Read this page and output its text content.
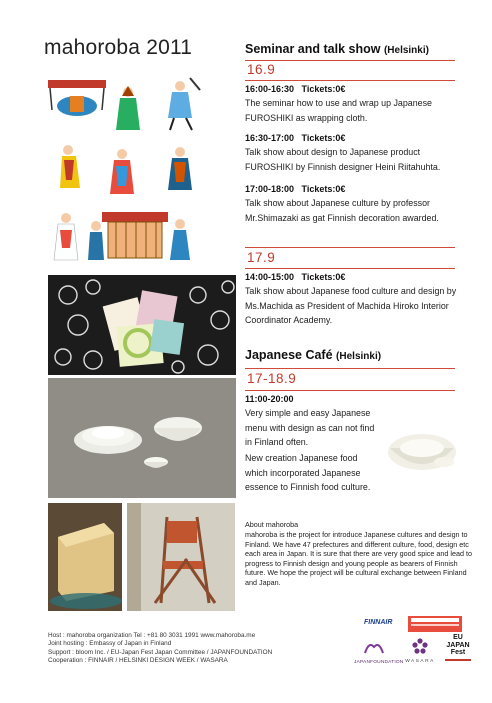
mahoroba 2011	Seminar and talk show (Helsinki)
16.9
16:00-16:30   Tickets:0€
The seminar how to use and wrap up Japanese FUROSHIKI as wrapping cloth.
16:30-17:00   Tickets:0€
Talk show about design to Japanese product FUROSHIKI by Finnish designer Heini Riitahuhta.
17:00-18:00   Tickets:0€
Talk show about Japanese culture by professor Mr.Shimazaki as gat Finnish decoration awarded.
17.9
14:00-15:00   Tickets:0€
Talk show about Japanese food culture and design by Ms.Machida as President of Machida Hiroko Interior Coordinator Academy.
Japanese Café (Helsinki)
17-18.9
11:00-20:00
Very simple and easy Japanese menu with design as can not find in Finland often.
New creation Japanese food which incorporated Japanese essence to Finnish food culture.
About mahoroba
mahoroba is the project for introduce Japanese cultures and design to Finland. We have 47 prefectures and different culture, food, design etc each area in Japan. It is sure that there are very good spice and lead to progress to Finnish design and young people as bearers of Finnish future. We hope the project will be cultural exchange between Finland and Japan.
Host : mahoroba organization Tel : +81 80 3031 1991 www.mahoroba.me
Joint hosting : Embassy of Japan in Finland
Support : bloom Inc. / EU-Japan Fest Japan Committee / JAPANFOUNDATION
Cooperation : FINNAIR / HELSINKI DESIGN WEEK / WASARA
FINNAIR
JAPANFOUNDATION WASARA
EU JAPAN Fest
